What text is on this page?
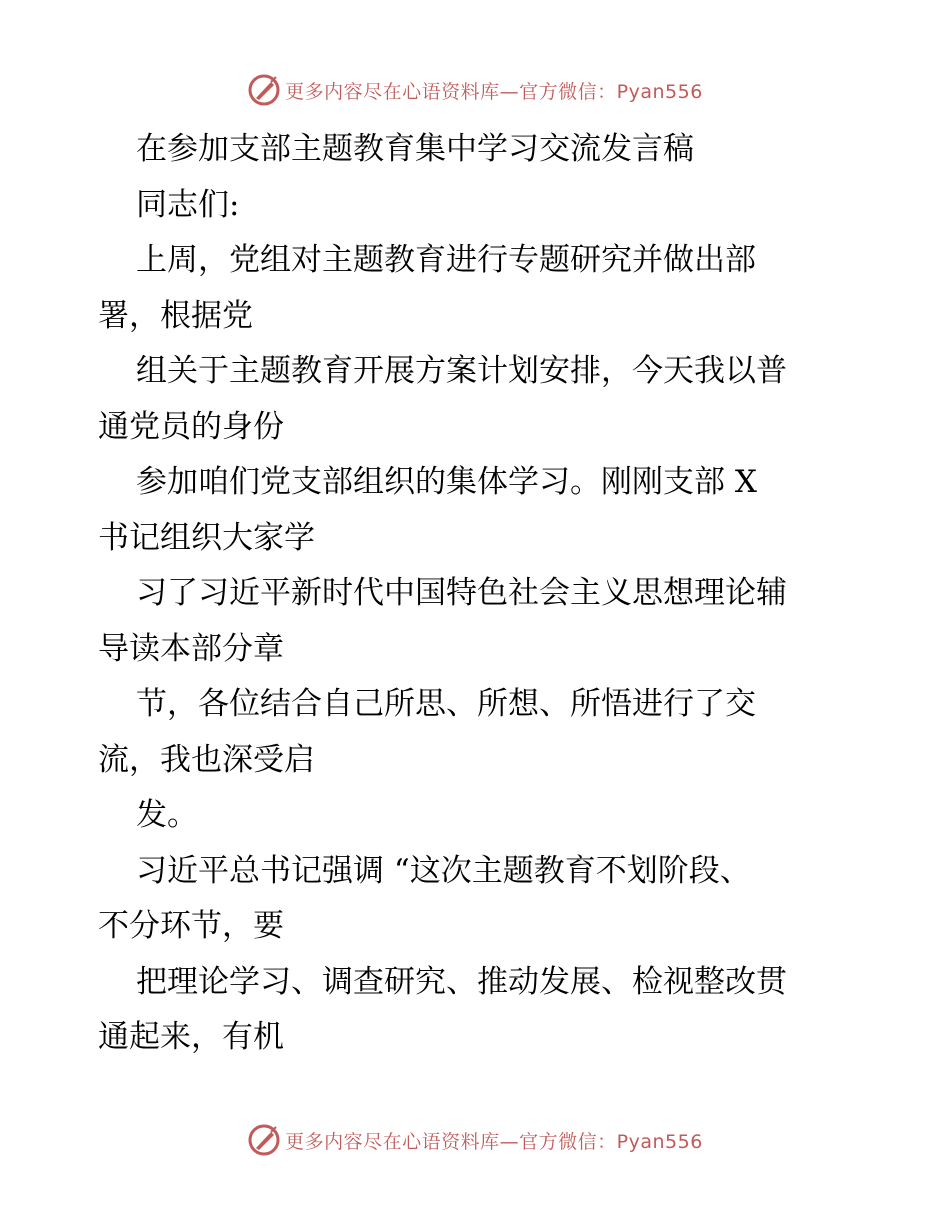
更多内容尽在心语资料库—官方微信：Pyan556
在参加支部主题教育集中学习交流发言稿
同志们:
上周，党组对主题教育进行专题研究并做出部
署，根据党
组关于主题教育开展方案计划安排，今天我以普
通党员的身份
参加咱们党支部组织的集体学习。刚刚支部 X
书记组织大家学
习了习近平新时代中国特色社会主义思想理论辅
导读本部分章
节，各位结合自己所思、所想、所悟进行了交
流，我也深受启
发。
习近平总书记强调 “这次主题教育不划阶段、
不分环节，要
把理论学习、调查研究、推动发展、检视整改贯
通起来，有机
更多内容尽在心语资料库—官方微信：Pyan556
